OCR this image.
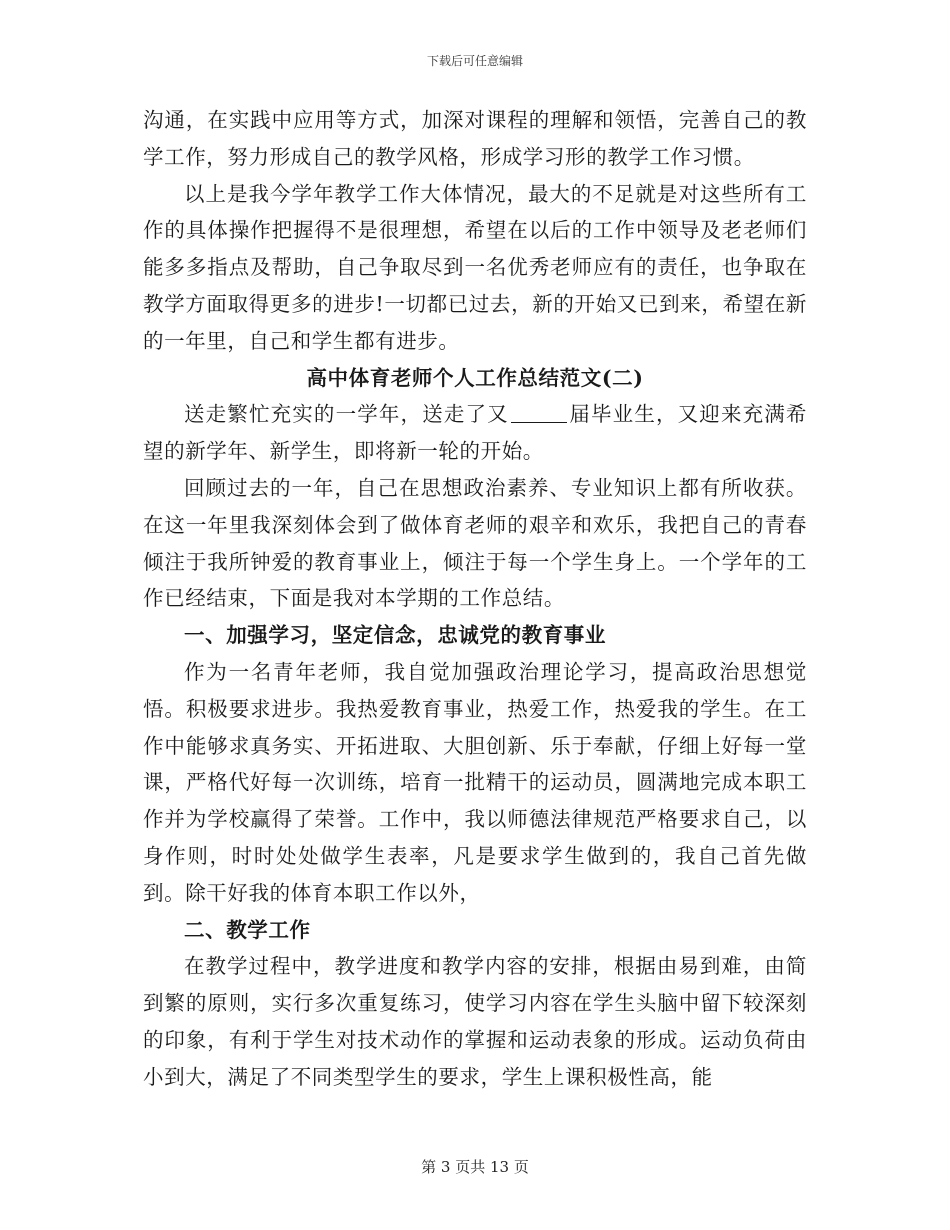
下载后可任意编辑

沟通，在实践中应用等方式，加深对课程的理解和领悟，完善自己的教学工作，努力形成自己的教学风格，形成学习形的教学工作习惯。

以上是我今学年教学工作大体情况，最大的不足就是对这些所有工作的具体操作把握得不是很理想，希望在以后的工作中领导及老老师们能多多指点及帮助，自己争取尽到一名优秀老师应有的责任，也争取在教学方面取得更多的进步!一切都已过去，新的开始又已到来，希望在新的一年里，自己和学生都有进步。

高中体育老师个人工作总结范文(二)

送走繁忙充实的一学年，送走了又	届毕业生，又迎来充满希望的新学年、新学生，即将新一轮的开始。

回顾过去的一年，自己在思想政治素养、专业知识上都有所收获。在这一年里我深刻体会到了做体育老师的艰辛和欢乐，我把自己的青春倾注于我所钟爱的教育事业上，倾注于每一个学生身上。一个学年的工作已经结束，下面是我对本学期的工作总结。

一、加强学习，坚定信念，忠诚党的教育事业

作为一名青年老师，我自觉加强政治理论学习，提高政治思想觉悟。积极要求进步。我热爱教育事业，热爱工作，热爱我的学生。在工作中能够求真务实、开拓进取、大胆创新、乐于奉献，仔细上好每一堂课，严格代好每一次训练，培育一批精干的运动员，圆满地完成本职工作并为学校赢得了荣誉。工作中，我以师德法律规范严格要求自己，以身作则，时时处处做学生表率，凡是要求学生做到的，我自己首先做到。除干好我的体育本职工作以外，

二、教学工作

在教学过程中，教学进度和教学内容的安排，根据由易到难，由简到繁的原则，实行多次重复练习，使学习内容在学生头脑中留下较深刻的印象，有利于学生对技术动作的掌握和运动表象的形成。运动负荷由小到大，满足了不同类型学生的要求，学生上课积极性高，能

第 3 页共 13 页
